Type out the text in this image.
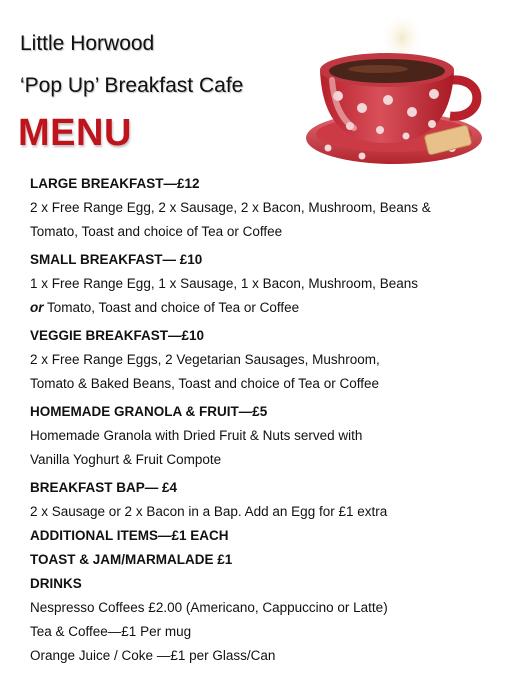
Little Horwood
‘Pop Up’ Breakfast Cafe
MENU
LARGE BREAKFAST—£12
2 x Free Range Egg, 2 x Sausage, 2 x Bacon, Mushroom, Beans &
Tomato, Toast and choice of Tea or Coffee
SMALL BREAKFAST— £10
1 x Free Range Egg, 1 x Sausage, 1 x Bacon, Mushroom, Beans
or Tomato, Toast and choice of Tea or Coffee
VEGGIE BREAKFAST—£10
2 x Free Range Eggs, 2 Vegetarian Sausages, Mushroom,
Tomato & Baked Beans, Toast and choice of Tea or Coffee
HOMEMADE GRANOLA & FRUIT—£5
Homemade Granola with Dried Fruit & Nuts served with
Vanilla Yoghurt & Fruit Compote
BREAKFAST BAP— £4
2 x Sausage or 2 x Bacon in a Bap. Add an Egg for £1 extra
ADDITIONAL ITEMS—£1 EACH
TOAST & JAM/MARMALADE £1
DRINKS
Nespresso Coffees £2.00 (Americano, Cappuccino or Latte)
Tea & Coffee—£1 Per mug
Orange Juice / Coke —£1 per Glass/Can
